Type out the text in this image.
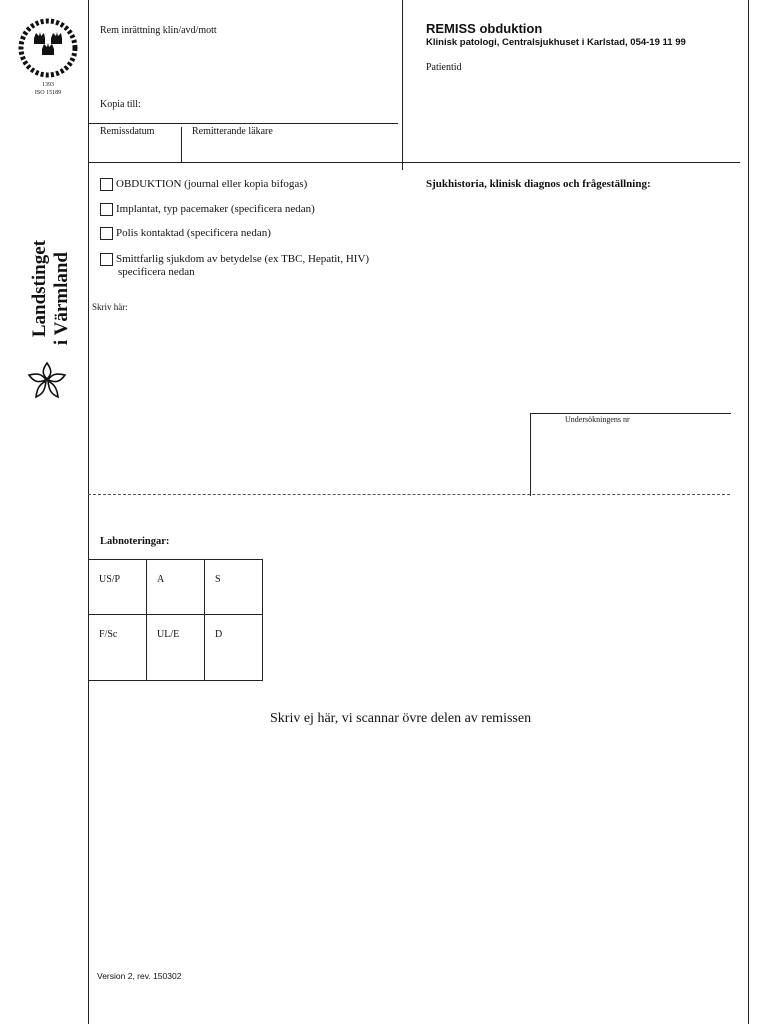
1393
ISO 15189
Landstinget i Värmland
Rem inrättning klin/avd/mott
Kopia till:
Remissdatum	Remitterande läkare
REMISS obduktion
Klinisk patologi, Centralsjukhuset i Karlstad, 054-19 11 99
Patientid
OBDUKTION (journal eller kopia bifogas)
Implantat, typ pacemaker (specificera nedan)
Polis kontaktad (specificera nedan)
Smittfarlig sjukdom av betydelse (ex TBC, Hepatit, HIV)
specificera nedan
Sjukhistoria, klinisk diagnos och frågeställning:
Skriv här:
Undersökningens nr
Labnoteringar:
US/P	A	S
F/Sc	UL/E	D
Skriv ej här, vi scannar övre delen av remissen
Version 2, rev. 150302
